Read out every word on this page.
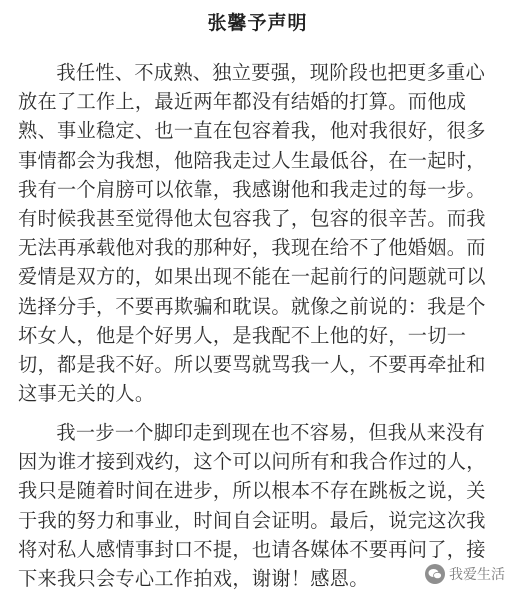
张馨予声明

我任性、不成熟、独立要强，现阶段也把更多重心放在了工作上，最近两年都没有结婚的打算。而他成熟、事业稳定、也一直在包容着我，他对我很好，很多事情都会为我想，他陪我走过人生最低谷，在一起时，我有一个肩膀可以依靠，我感谢他和我走过的每一步。有时候我甚至觉得他太包容我了，包容的很辛苦。而我无法再承载他对我的那种好，我现在给不了他婚姻。而爱情是双方的，如果出现不能在一起前行的问题就可以选择分手，不要再欺骗和耽误。就像之前说的：我是个坏女人，他是个好男人，是我配不上他的好，一切一切，都是我不好。所以要骂就骂我一人，不要再牵扯和这事无关的人。

我一步一个脚印走到现在也不容易，但我从来没有因为谁才接到戏约，这个可以问所有和我合作过的人，我只是随着时间在进步，所以根本不存在跳板之说，关于我的努力和事业，时间自会证明。最后，说完这次我将对私人感情事封口不提，也请各媒体不要再问了，接下来我只会专心工作拍戏，谢谢！感恩。	我爱生活
